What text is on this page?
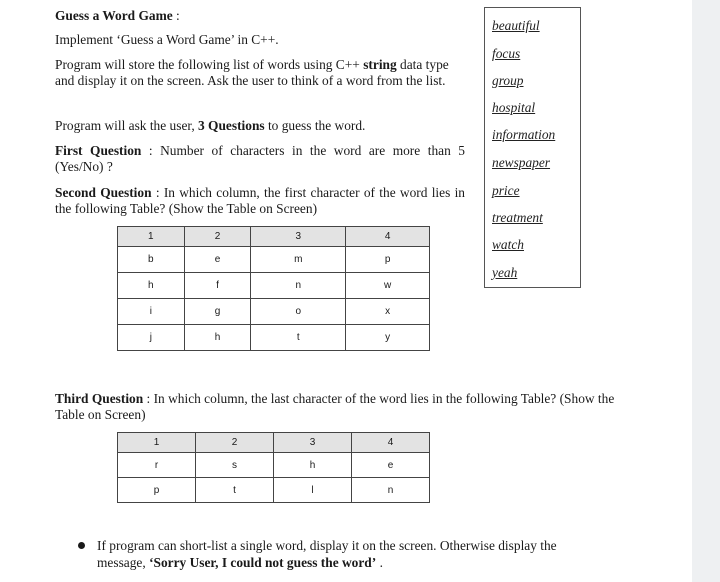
Guess a Word Game :

Implement ‘Guess a Word Game’ in C++.

Program will store the following list of words using C++ string data type and display it on the screen. Ask the user to think of a word from the list.

Program will ask the user, 3 Questions to guess the word.

First Question : Number of characters in the word are more than 5 (Yes/No) ?

Second Question : In which column, the first character of the word lies in the following Table? (Show the Table on Screen)

beautiful
focus
group
hospital
information
newspaper
price
treatment
watch
yeah
1	2	3	4
b	e	m	p
h	f	n	w
i	g	o	x
j	h	t	y

Third Question : In which column, the last character of the word lies in the following Table? (Show the Table on Screen)

1	2	3	4
r	s	h	e
p	t	l	n

If program can short-list a single word, display it on the screen. Otherwise display the message, ‘Sorry User, I could not guess the word’ .
